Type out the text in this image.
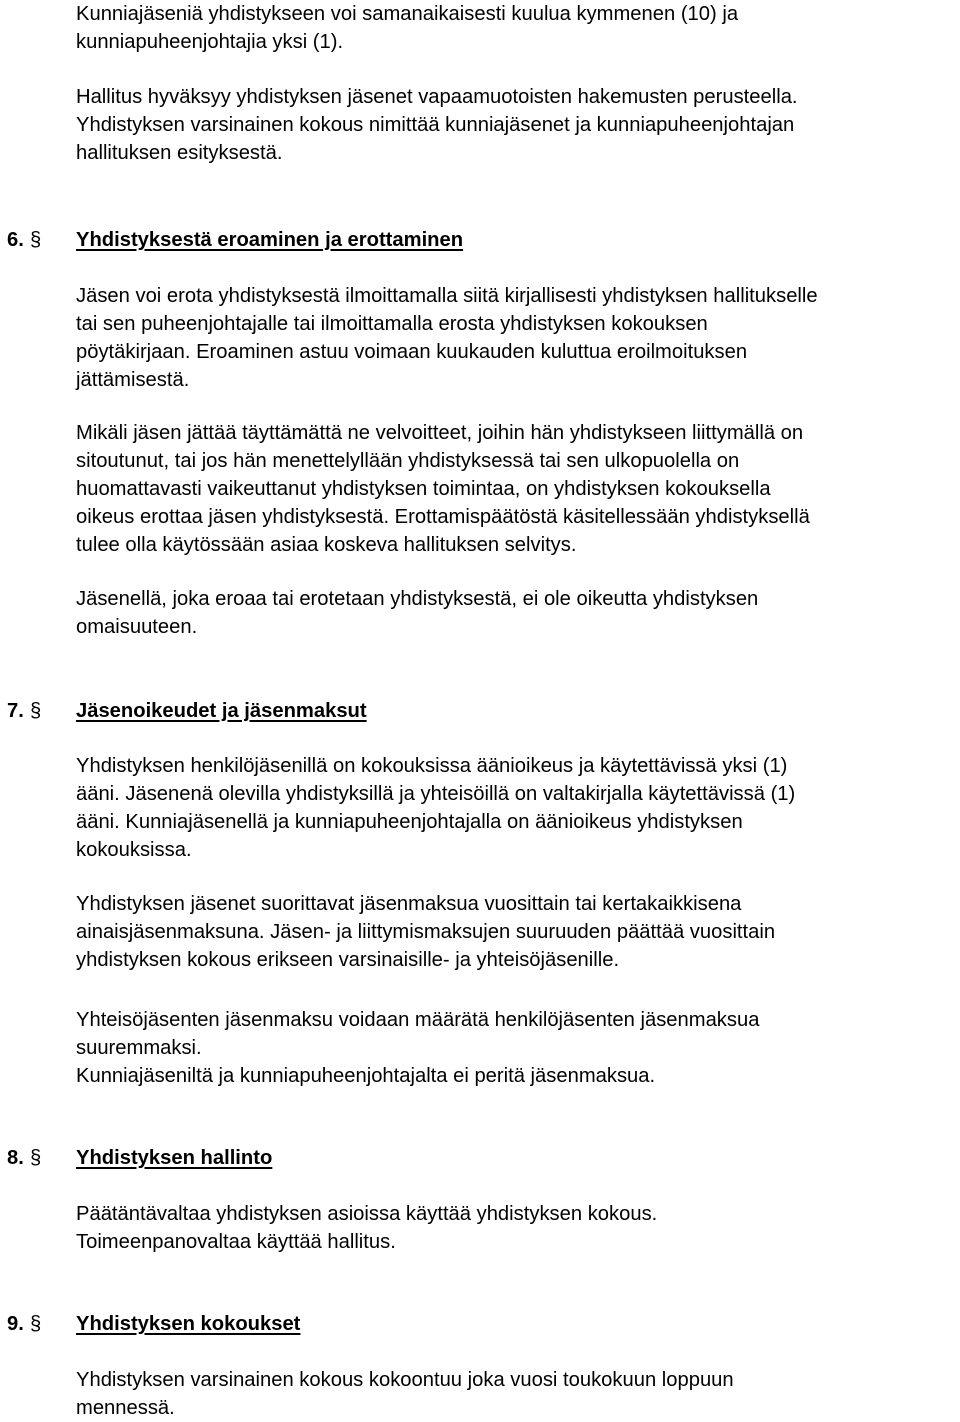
Kunniajäseniä yhdistykseen voi samanaikaisesti kuulua kymmenen (10) ja
kunniapuheenjohtajia yksi (1).
Hallitus hyväksyy yhdistyksen jäsenet vapaamuotoisten hakemusten perusteella.
Yhdistyksen varsinainen kokous nimittää kunniajäsenet ja kunniapuheenjohtajan
hallituksen esityksestä.
6. § Yhdistyksestä eroaminen ja erottaminen
Jäsen voi erota yhdistyksestä ilmoittamalla siitä kirjallisesti yhdistyksen hallitukselle
tai sen puheenjohtajalle tai ilmoittamalla erosta yhdistyksen kokouksen
pöytäkirjaan. Eroaminen astuu voimaan kuukauden kuluttua eroilmoituksen
jättämisestä.
Mikäli jäsen jättää täyttämättä ne velvoitteet, joihin hän yhdistykseen liittymällä on
sitoutunut, tai jos hän menettelyllään yhdistyksessä tai sen ulkopuolella on
huomattavasti vaikeuttanut yhdistyksen toimintaa, on yhdistyksen kokouksella
oikeus erottaa jäsen yhdistyksestä. Erottamispäätöstä käsitellessään yhdistyksellä
tulee olla käytössään asiaa koskeva hallituksen selvitys.
Jäsenellä, joka eroaa tai erotetaan yhdistyksestä, ei ole oikeutta yhdistyksen
omaisuuteen.
7. § Jäsenoikeudet ja jäsenmaksut
Yhdistyksen henkilöjäsenillä on kokouksissa äänioikeus ja käytettävissä yksi (1)
ääni. Jäsenenä olevilla yhdistyksillä ja yhteisöillä on valtakirjalla käytettävissä (1)
ääni. Kunniajäsenellä ja kunniapuheenjohtajalla on äänioikeus yhdistyksen
kokouksissa.
Yhdistyksen jäsenet suorittavat jäsenmaksua vuosittain tai kertakaikkisena
ainaisjäsenmaksuna. Jäsen- ja liittymismaksujen suuruuden päättää vuosittain
yhdistyksen kokous erikseen varsinaisille- ja yhteisöjäsenille.
Yhteisöjäsenten jäsenmaksu voidaan määrätä henkilöjäsenten jäsenmaksua
suuremmaksi.
Kunniajäseniltä ja kunniapuheenjohtajalta ei peritä jäsenmaksua.
8. § Yhdistyksen hallinto
Päätäntävaltaa yhdistyksen asioissa käyttää yhdistyksen kokous.
Toimeenpanovaltaa käyttää hallitus.
9. § Yhdistyksen kokoukset
Yhdistyksen varsinainen kokous kokoontuu joka vuosi toukokuun loppuun
mennessä.
